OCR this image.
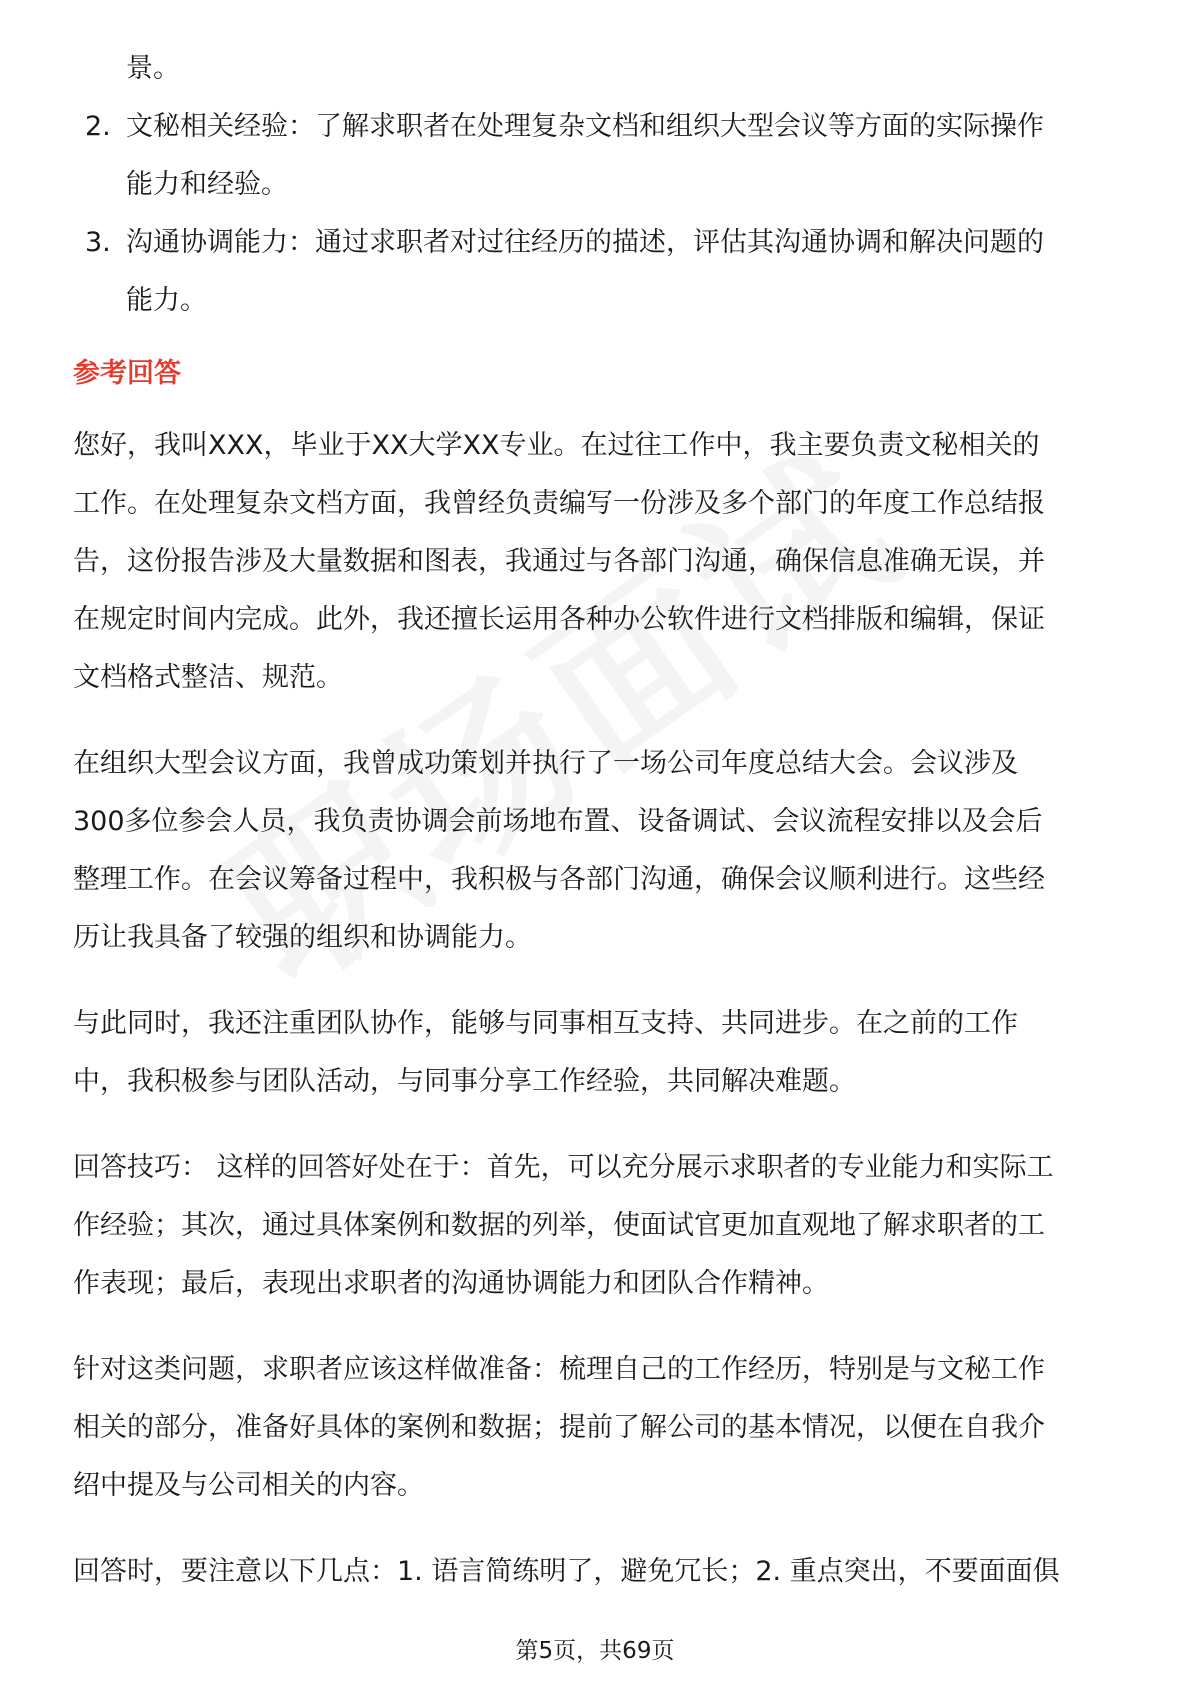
景。
2. 文秘相关经验：了解求职者在处理复杂文档和组织大型会议等方面的实际操作
能力和经验。
3. 沟通协调能力：通过求职者对过往经历的描述，评估其沟通协调和解决问题的
能力。
参考回答
您好，我叫XXX，毕业于XX大学XX专业。在过往工作中，我主要负责文秘相关的
工作。在处理复杂文档方面，我曾经负责编写一份涉及多个部门的年度工作总结报
告，这份报告涉及大量数据和图表，我通过与各部门沟通，确保信息准确无误，并
在规定时间内完成。此外，我还擅长运用各种办公软件进行文档排版和编辑，保证
文档格式整洁、规范。
在组织大型会议方面，我曾成功策划并执行了一场公司年度总结大会。会议涉及
300多位参会人员，我负责协调会前场地布置、设备调试、会议流程安排以及会后
整理工作。在会议筹备过程中，我积极与各部门沟通，确保会议顺利进行。这些经
历让我具备了较强的组织和协调能力。
与此同时，我还注重团队协作，能够与同事相互支持、共同进步。在之前的工作
中，我积极参与团队活动，与同事分享工作经验，共同解决难题。
回答技巧： 这样的回答好处在于：首先，可以充分展示求职者的专业能力和实际工
作经验；其次，通过具体案例和数据的列举，使面试官更加直观地了解求职者的工
作表现；最后，表现出求职者的沟通协调能力和团队合作精神。
针对这类问题，求职者应该这样做准备：梳理自己的工作经历，特别是与文秘工作
相关的部分，准备好具体的案例和数据；提前了解公司的基本情况，以便在自我介
绍中提及与公司相关的内容。
回答时，要注意以下几点：1. 语言简练明了，避免冗长；2. 重点突出，不要面面俱
第5页，共69页
